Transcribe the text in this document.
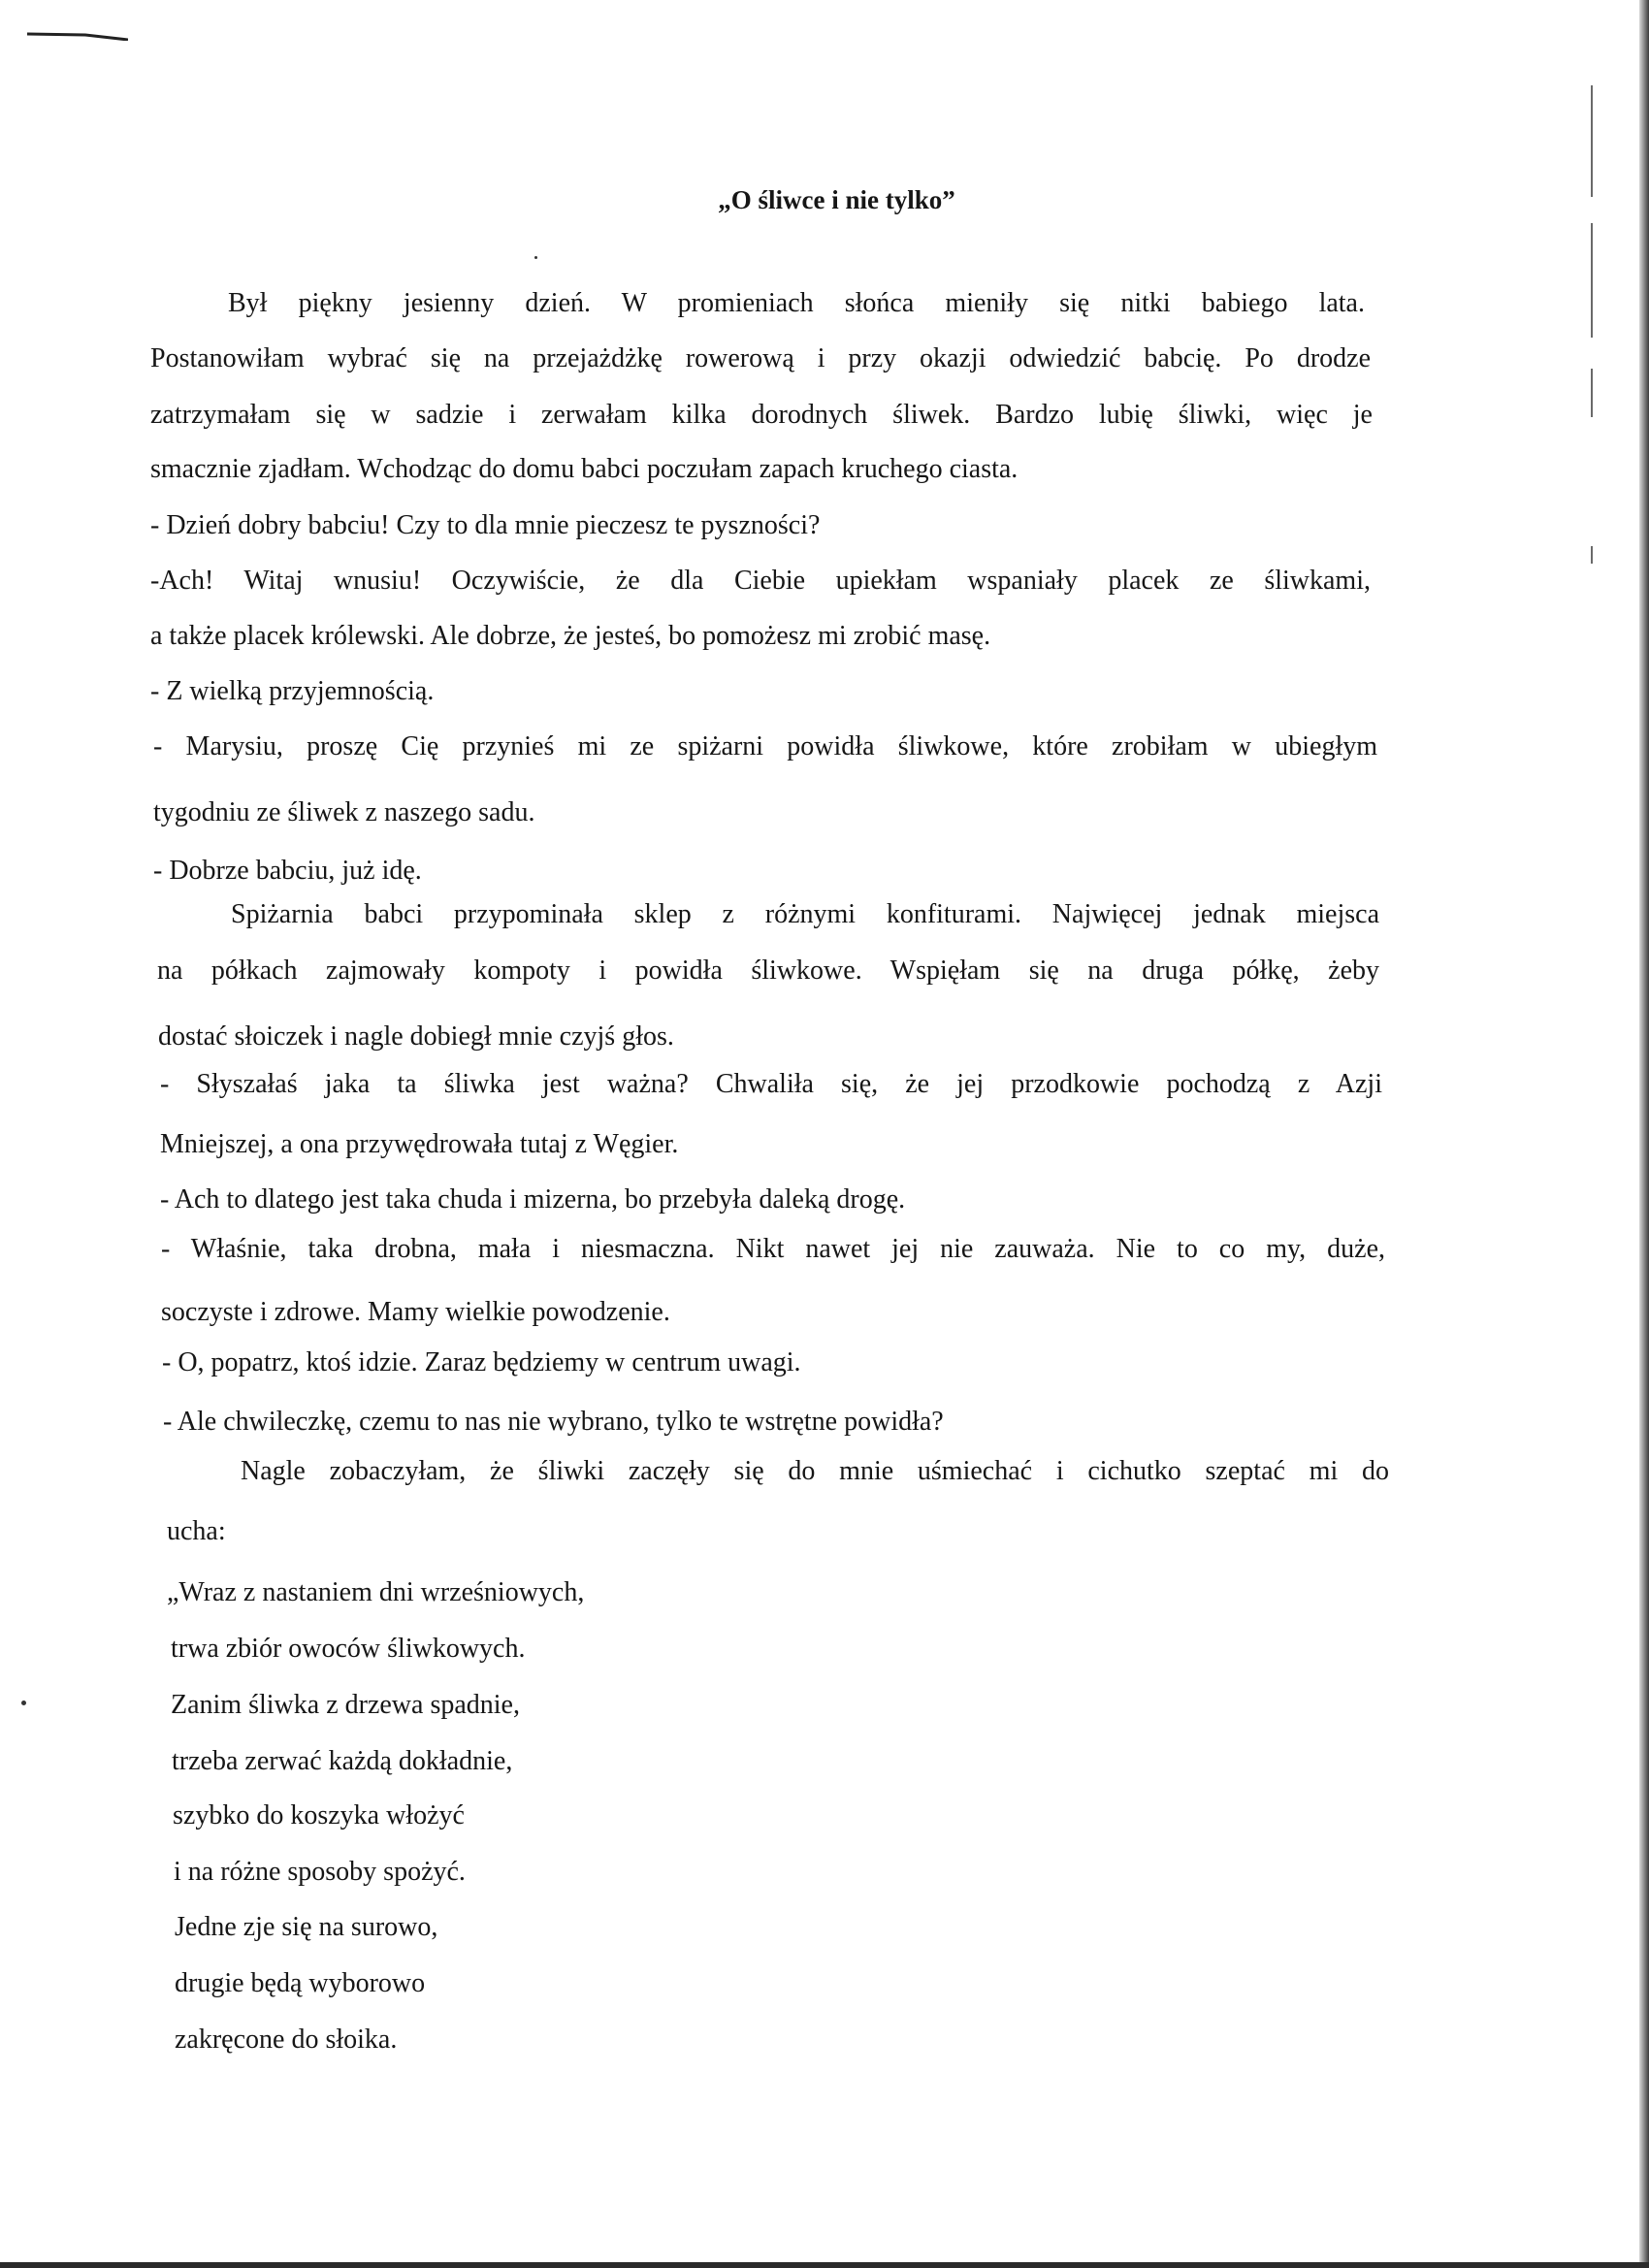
„O śliwce i nie tylko”

Był piękny jesienny dzień. W promieniach słońca mieniły się nitki babiego lata.

Postanowiłam wybrać się na przejażdżkę rowerową i przy okazji odwiedzić babcię. Po drodze

zatrzymałam się w sadzie i zerwałam kilka dorodnych śliwek. Bardzo lubię śliwki, więc je

smacznie zjadłam. Wchodząc do domu babci poczułam zapach kruchego ciasta.

- Dzień dobry babciu! Czy to dla mnie pieczesz te pyszności?

-Ach! Witaj wnusiu! Oczywiście, że dla Ciebie upiekłam wspaniały placek ze śliwkami,

a także placek królewski. Ale dobrze, że jesteś, bo pomożesz mi zrobić masę.

- Z wielką przyjemnością.

- Marysiu, proszę Cię przynieś mi ze spiżarni powidła śliwkowe, które zrobiłam w ubiegłym

tygodniu ze śliwek z naszego sadu.

- Dobrze babciu, już idę.

Spiżarnia babci przypominała sklep z różnymi konfiturami. Najwięcej jednak miejsca

na półkach zajmowały kompoty i powidła śliwkowe. Wspięłam się na druga półkę, żeby

dostać słoiczek i nagle dobiegł mnie czyjś głos.

- Słyszałaś jaka ta śliwka jest ważna? Chwaliła się, że jej przodkowie pochodzą z Azji

Mniejszej, a ona przywędrowała tutaj z Węgier.

- Ach to dlatego jest taka chuda i mizerna, bo przebyła daleką drogę.

- Właśnie, taka drobna, mała i niesmaczna. Nikt nawet jej nie zauważa. Nie to co my, duże,

soczyste i zdrowe. Mamy wielkie powodzenie.

- O, popatrz, ktoś idzie. Zaraz będziemy w centrum uwagi.

- Ale chwileczkę, czemu to nas nie wybrano, tylko te wstrętne powidła?

Nagle zobaczyłam, że śliwki zaczęły się do mnie uśmiechać i cichutko szeptać mi do

ucha:

„Wraz z nastaniem dni wrześniowych,

trwa zbiór owoców śliwkowych.

Zanim śliwka z drzewa spadnie,

trzeba zerwać każdą dokładnie,

szybko do koszyka włożyć

i na różne sposoby spożyć.

Jedne zje się na surowo,

drugie będą wyborowo

zakręcone do słoika.
